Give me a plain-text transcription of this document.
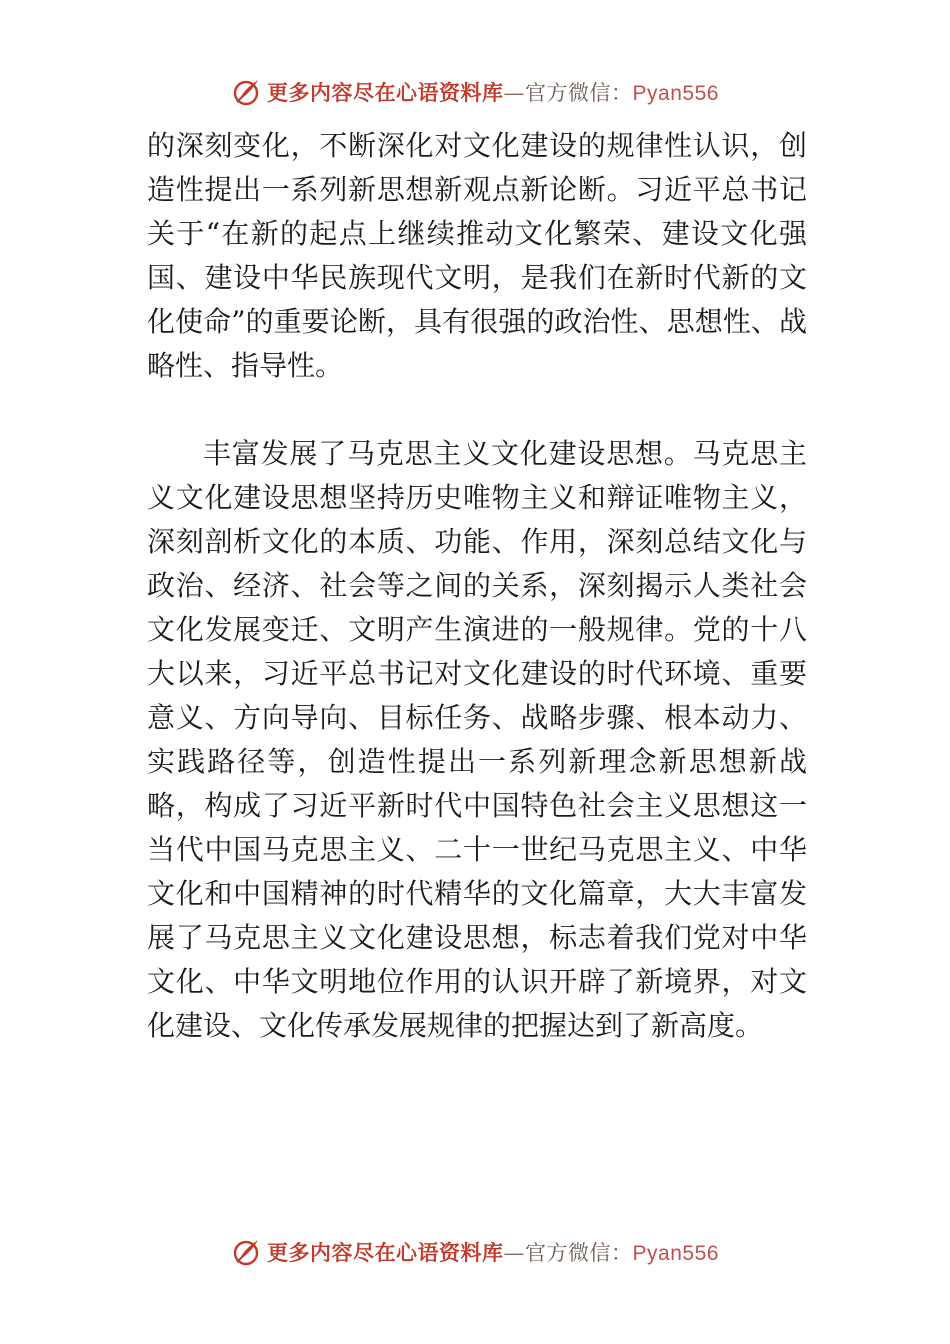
更多内容尽在心语资料库—官方微信：Pyan556

的深刻变化，不断深化对文化建设的规律性认识，创造性提出一系列新思想新观点新论断。习近平总书记关于“在新的起点上继续推动文化繁荣、建设文化强国、建设中华民族现代文明，是我们在新时代新的文化使命”的重要论断，具有很强的政治性、思想性、战略性、指导性。

丰富发展了马克思主义文化建设思想。马克思主义文化建设思想坚持历史唯物主义和辩证唯物主义，深刻剖析文化的本质、功能、作用，深刻总结文化与政治、经济、社会等之间的关系，深刻揭示人类社会文化发展变迁、文明产生演进的一般规律。党的十八大以来，习近平总书记对文化建设的时代环境、重要意义、方向导向、目标任务、战略步骤、根本动力、实践路径等，创造性提出一系列新理念新思想新战略，构成了习近平新时代中国特色社会主义思想这一当代中国马克思主义、二十一世纪马克思主义、中华文化和中国精神的时代精华的文化篇章，大大丰富发展了马克思主义文化建设思想，标志着我们党对中华文化、中华文明地位作用的认识开辟了新境界，对文化建设、文化传承发展规律的把握达到了新高度。

更多内容尽在心语资料库—官方微信：Pyan556
